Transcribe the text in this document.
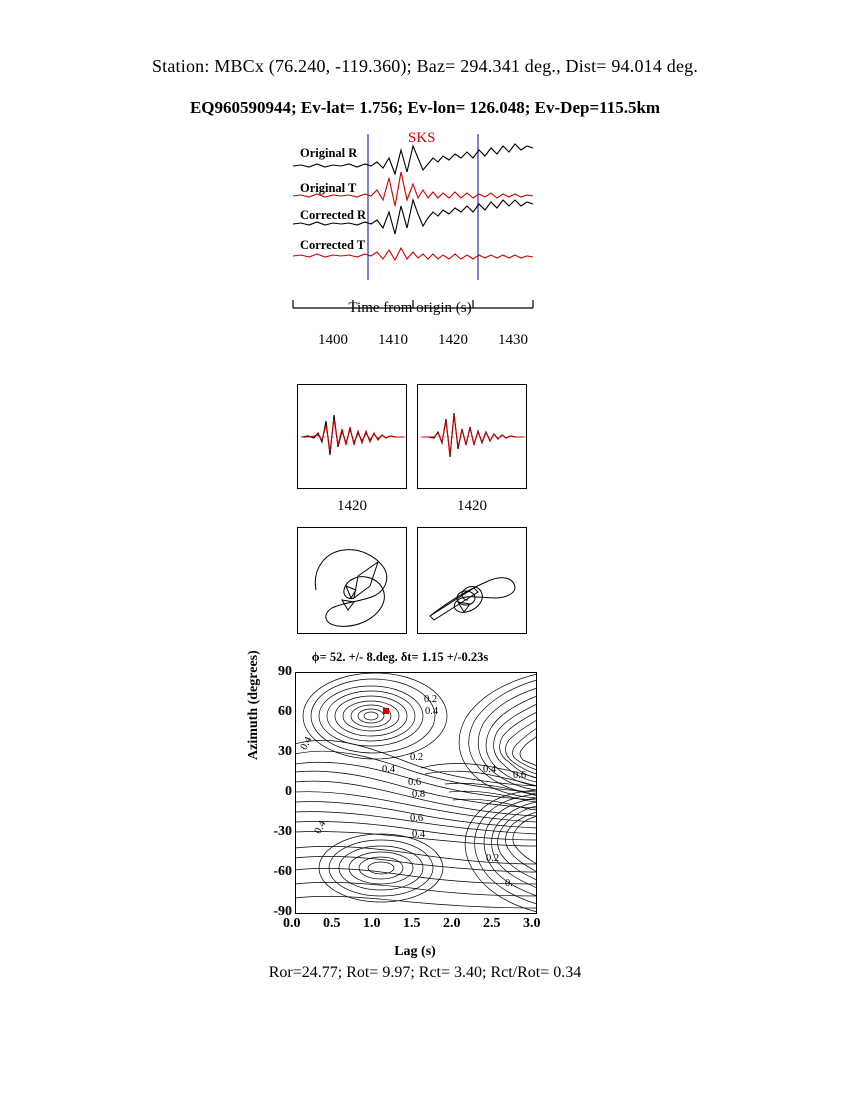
Station: MBCx (76.240, -119.360); Baz= 294.341 deg., Dist= 94.014 deg.
EQ960590944; Ev-lat= 1.756; Ev-lon= 126.048; Ev-Dep=115.5km
SKS
Original R
Original T
Corrected R
Corrected T
Time from origin (s)
1400 1410 1420 1430
1420	1420
ϕ= 52. +/- 8.deg. δt= 1.15 +/-0.23s
Azimuth (degrees) 90
60
30
0
-30
-60
-90
0.4
0.2
0.4
0.2
0.4
0.6
0.4
0.6
0.8
0.6
0.4	0.4
0.2
0.
0.0 0.5 1.0 1.5 2.0 2.5 3.0
Lag (s)
Ror=24.77; Rot= 9.97; Rct= 3.40; Rct/Rot= 0.34
